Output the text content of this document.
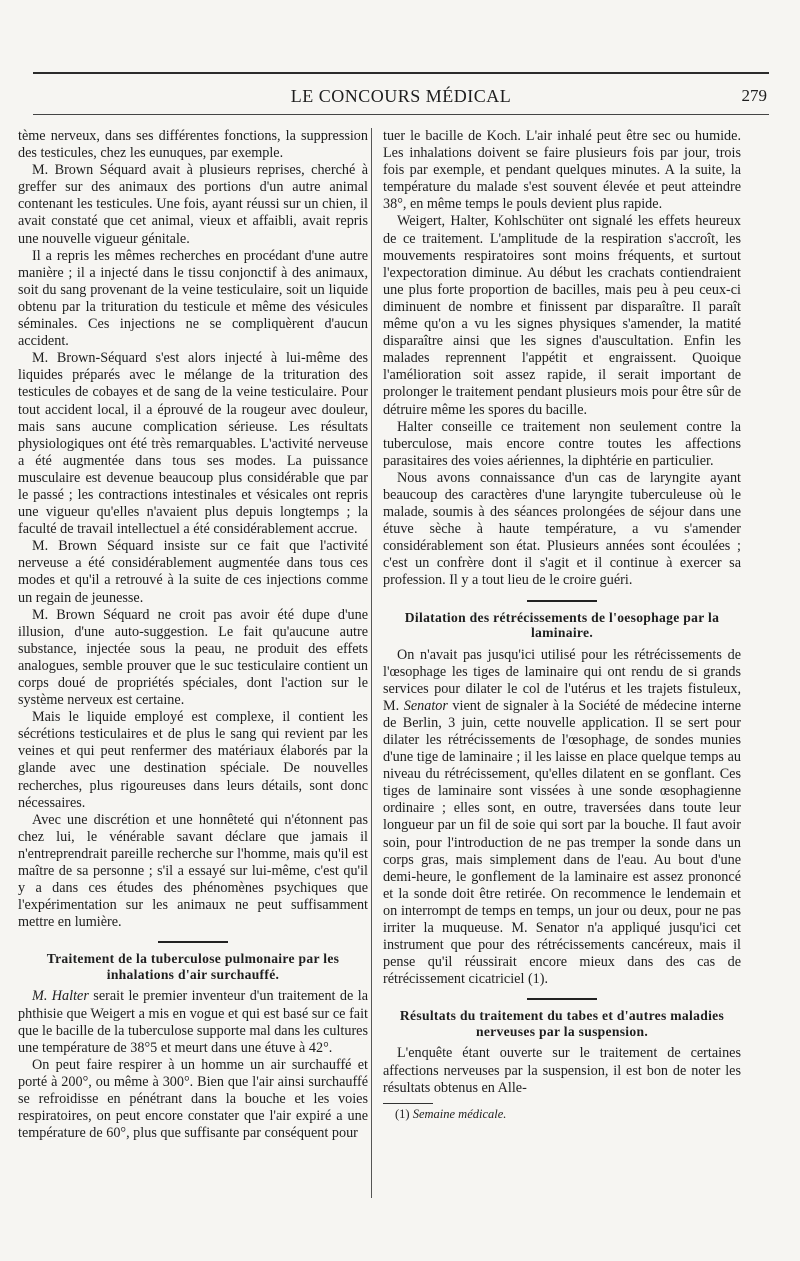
LE CONCOURS MÉDICAL	279

tème nerveux, dans ses différentes fonctions, la suppression des testicules, chez les eunuques, par exemple.

M. Brown Séquard avait à plusieurs reprises, cherché à greffer sur des animaux des portions d'un autre animal contenant les testicules. Une fois, ayant réussi sur un chien, il avait constaté que cet animal, vieux et affaibli, avait repris une nouvelle vigueur génitale.

Il a repris les mêmes recherches en procédant d'une autre manière ; il a injecté dans le tissu conjonctif à des animaux, soit du sang provenant de la veine testiculaire, soit un liquide obtenu par la trituration du testicule et même des vésicules séminales. Ces injections ne se compliquèrent d'aucun accident.

M. Brown-Séquard s'est alors injecté à lui-même des liquides préparés avec le mélange de la trituration des testicules de cobayes et de sang de la veine testiculaire. Pour tout accident local, il a éprouvé de la rougeur avec douleur, mais sans aucune complication sérieuse. Les résultats physiologiques ont été très remarquables. L'activité nerveuse a été augmentée dans tous ses modes. La puissance musculaire est devenue beaucoup plus considérable que par le passé ; les contractions intestinales et vésicales ont repris une vigueur qu'elles n'avaient plus depuis longtemps ; la faculté de travail intellectuel a été considérablement accrue.

M. Brown Séquard insiste sur ce fait que l'activité nerveuse a été considérablement augmentée dans tous ces modes et qu'il a retrouvé à la suite de ces injections comme un regain de jeunesse.

M. Brown Séquard ne croit pas avoir été dupe d'une illusion, d'une auto-suggestion. Le fait qu'aucune autre substance, injectée sous la peau, ne produit des effets analogues, semble prouver que le suc testiculaire contient un corps doué de propriétés spéciales, dont l'action sur le système nerveux est certaine.

Mais le liquide employé est complexe, il contient les sécrétions testiculaires et de plus le sang qui revient par les veines et qui peut renfermer des matériaux élaborés par la glande avec une destination spéciale. De nouvelles recherches, plus rigoureuses dans leurs détails, sont donc nécessaires.

Avec une discrétion et une honnêteté qui n'étonnent pas chez lui, le vénérable savant déclare que jamais il n'entreprendrait pareille recherche sur l'homme, mais qu'il est maître de sa personne ; s'il a essayé sur lui-même, c'est qu'il y a dans ces études des phénomènes psychiques que l'expérimentation sur les animaux ne peut suffisamment mettre en lumière.

Traitement de la tuberculose pulmonaire par les inhalations d'air surchauffé.

M. Halter serait le premier inventeur d'un traitement de la phthisie que Weigert a mis en vogue et qui est basé sur ce fait que le bacille de la tuberculose supporte mal dans les cultures une température de 38°5 et meurt dans une étuve à 42°.

On peut faire respirer à un homme un air surchauffé et porté à 200°, ou même à 300°. Bien que l'air ainsi surchauffé se refroidisse en pénétrant dans la bouche et les voies respiratoires, on peut encore constater que l'air expiré a une température de 60°, plus que suffisante par conséquent pour

tuer le bacille de Koch. L'air inhalé peut être sec ou humide. Les inhalations doivent se faire plusieurs fois par jour, trois fois par exemple, et pendant quelques minutes. A la suite, la température du malade s'est souvent élevée et peut atteindre 38°, en même temps le pouls devient plus rapide.

Weigert, Halter, Kohlschüter ont signalé les effets heureux de ce traitement. L'amplitude de la respiration s'accroît, les mouvements respiratoires sont moins fréquents, et surtout l'expectoration diminue. Au début les crachats contiendraient une plus forte proportion de bacilles, mais peu à peu ceux-ci diminuent de nombre et finissent par disparaître. Il paraît même qu'on a vu les signes physiques s'amender, la matité disparaître ainsi que les signes d'auscultation. Enfin les malades reprennent l'appétit et engraissent. Quoique l'amélioration soit assez rapide, il serait important de prolonger le traitement pendant plusieurs mois pour être sûr de détruire même les spores du bacille.

Halter conseille ce traitement non seulement contre la tuberculose, mais encore contre toutes les affections parasitaires des voies aériennes, la diphtérie en particulier.

Nous avons connaissance d'un cas de laryngite ayant beaucoup des caractères d'une laryngite tuberculeuse où le malade, soumis à des séances prolongées de séjour dans une étuve sèche à haute température, a vu s'amender considérablement son état. Plusieurs années sont écoulées ; c'est un confrère dont il s'agit et il continue à exercer sa profession. Il y a tout lieu de le croire guéri.

Dilatation des rétrécissements de l'oesophage par la laminaire.

On n'avait pas jusqu'ici utilisé pour les rétrécissements de l'œsophage les tiges de laminaire qui ont rendu de si grands services pour dilater le col de l'utérus et les trajets fistuleux, M. Senator vient de signaler à la Société de médecine interne de Berlin, 3 juin, cette nouvelle application. Il se sert pour dilater les rétrécissements de l'œsophage, de sondes munies d'une tige de laminaire ; il les laisse en place quelque temps au niveau du rétrécissement, qu'elles dilatent en se gonflant. Ces tiges de laminaire sont vissées à une sonde œsophagienne ordinaire ; elles sont, en outre, traversées dans toute leur longueur par un fil de soie qui sort par la bouche. Il faut avoir soin, pour l'introduction de ne pas tremper la sonde dans un corps gras, mais simplement dans de l'eau. Au bout d'une demi-heure, le gonflement de la laminaire est assez prononcé et la sonde doit être retirée. On recommence le lendemain et on interrompt de temps en temps, un jour ou deux, pour ne pas irriter la muqueuse. M. Senator n'a appliqué jusqu'ici cet instrument que pour des rétrécissements cancéreux, mais il pense qu'il réussirait encore mieux dans des cas de rétrécissement cicatriciel (1).

Résultats du traitement du tabes et d'autres maladies nerveuses par la suspension.

L'enquête étant ouverte sur le traitement de certaines affections nerveuses par la suspension, il est bon de noter les résultats obtenus en Alle-

(1) Semaine médicale.
